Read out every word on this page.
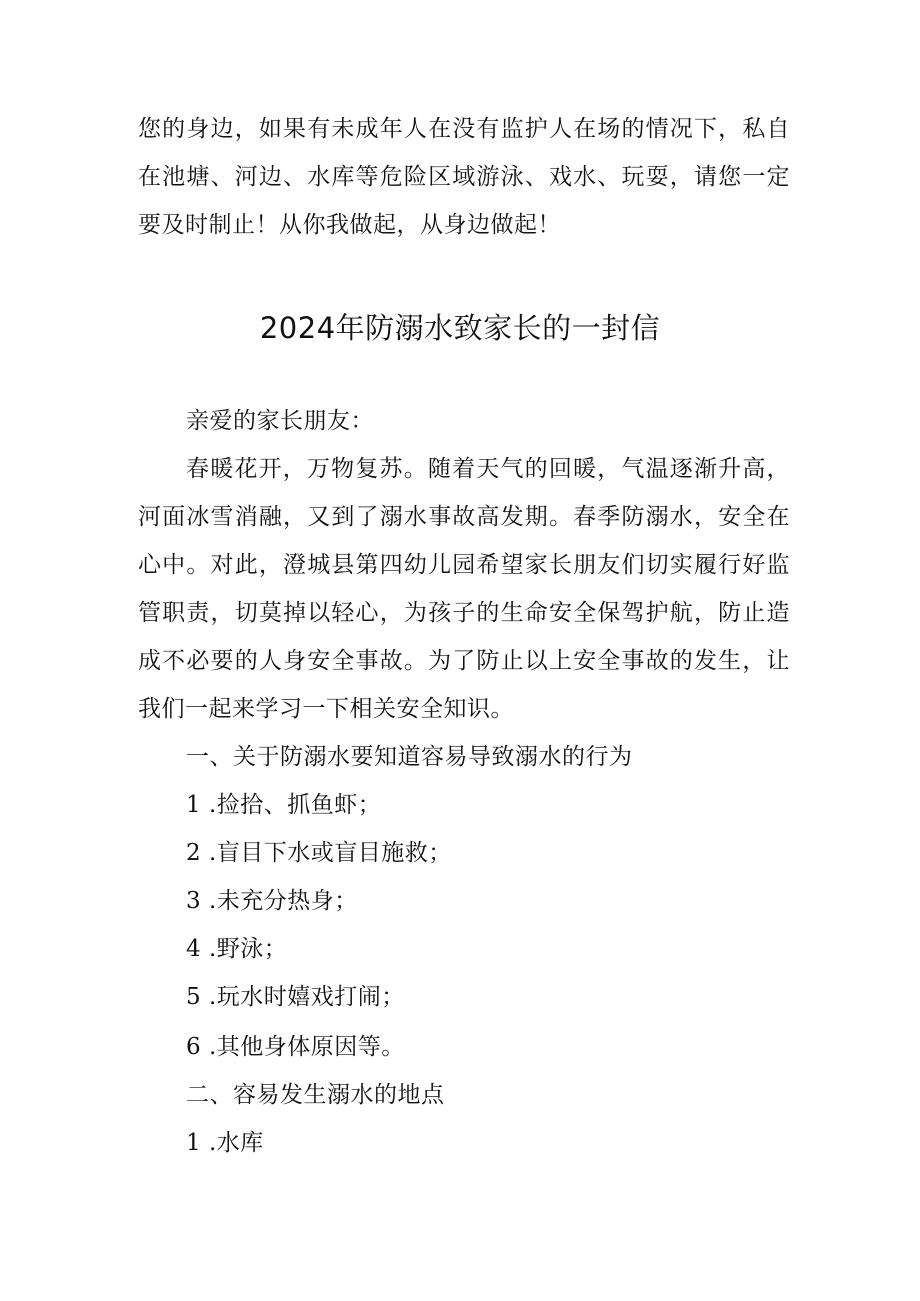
您的身边，如果有未成年人在没有监护人在场的情况下，私自
在池塘、河边、水库等危险区域游泳、戏水、玩耍，请您一定
要及时制止！从你我做起，从身边做起！
2024年防溺水致家长的一封信
亲爱的家长朋友：
春暖花开，万物复苏。随着天气的回暖，气温逐渐升高，
河面冰雪消融，又到了溺水事故高发期。春季防溺水，安全在
心中。对此，澄城县第四幼儿园希望家长朋友们切实履行好监
管职责，切莫掉以轻心，为孩子的生命安全保驾护航，防止造
成不必要的人身安全事故。为了防止以上安全事故的发生，让
我们一起来学习一下相关安全知识。
一、关于防溺水要知道容易导致溺水的行为
1 .捡拾、抓鱼虾；
2 .盲目下水或盲目施救；
3 .未充分热身；
4 .野泳；
5 .玩水时嬉戏打闹；
6 .其他身体原因等。
二、容易发生溺水的地点
1 .水库
